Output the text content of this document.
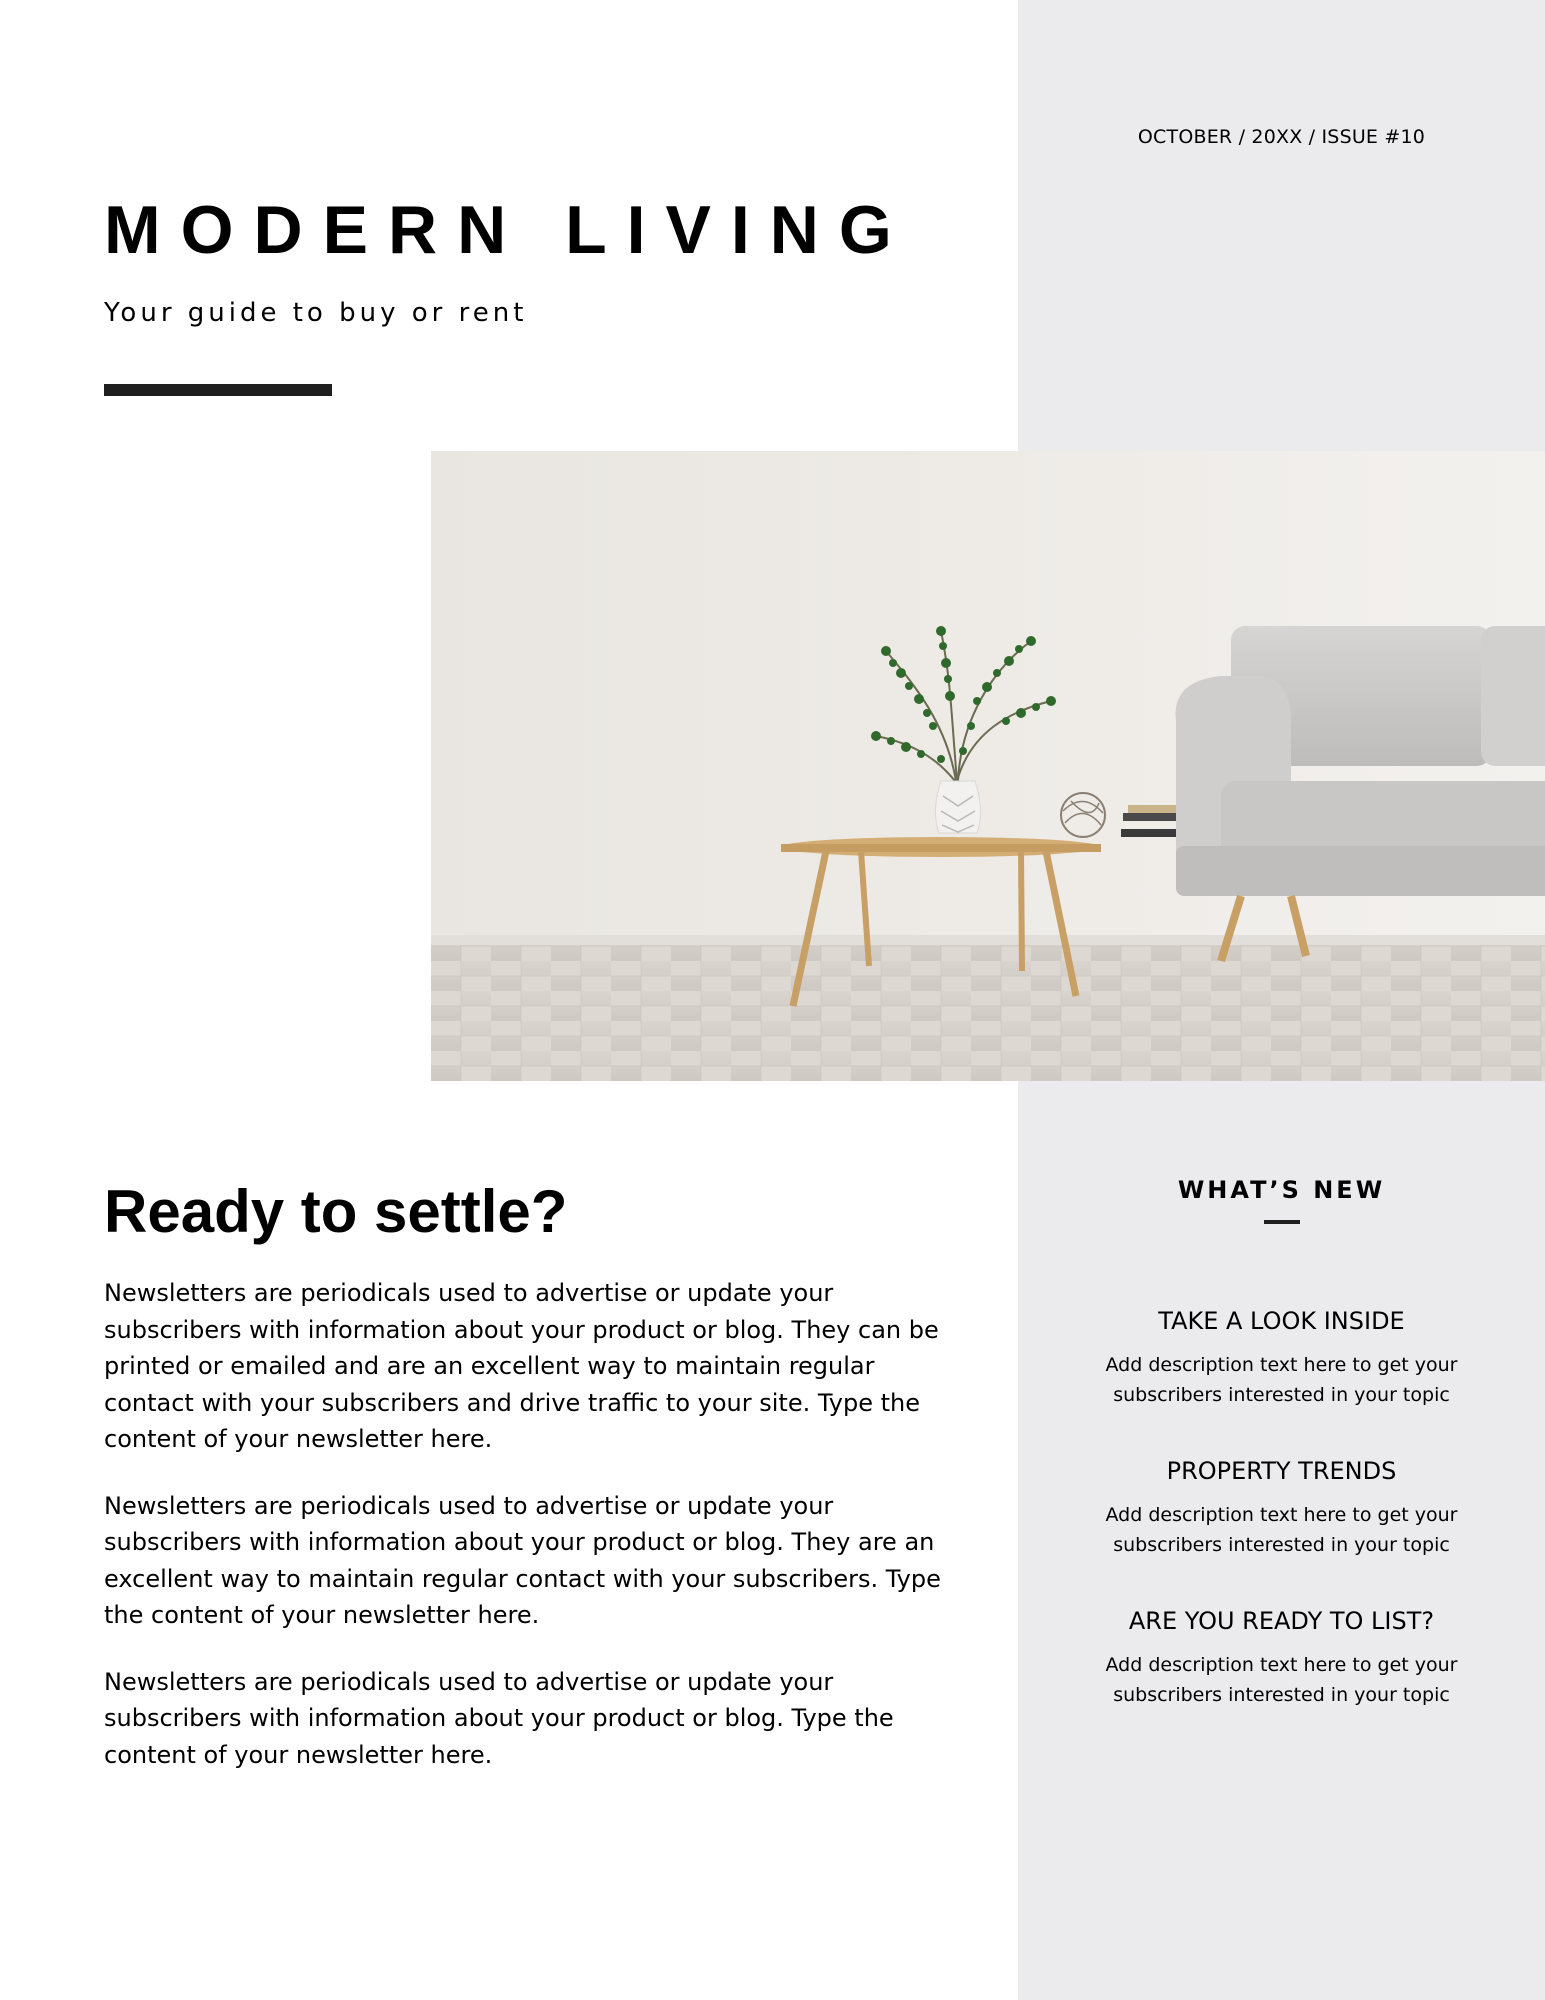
OCTOBER / 20XX / ISSUE #10
MODERN LIVING
Your guide to buy or rent
Ready to settle?

Newsletters are periodicals used to advertise or update your subscribers with information about your product or blog. They can be printed or emailed and are an excellent way to maintain regular contact with your subscribers and drive traffic to your site. Type the content of your newsletter here.

Newsletters are periodicals used to advertise or update your subscribers with information about your product or blog. They are an excellent way to maintain regular contact with your subscribers. Type the content of your newsletter here.

Newsletters are periodicals used to advertise or update your subscribers with information about your product or blog. Type the content of your newsletter here.

WHAT’S NEW
TAKE A LOOK INSIDE

Add description text here to get your subscribers interested in your topic

PROPERTY TRENDS

Add description text here to get your subscribers interested in your topic

ARE YOU READY TO LIST?

Add description text here to get your subscribers interested in your topic
